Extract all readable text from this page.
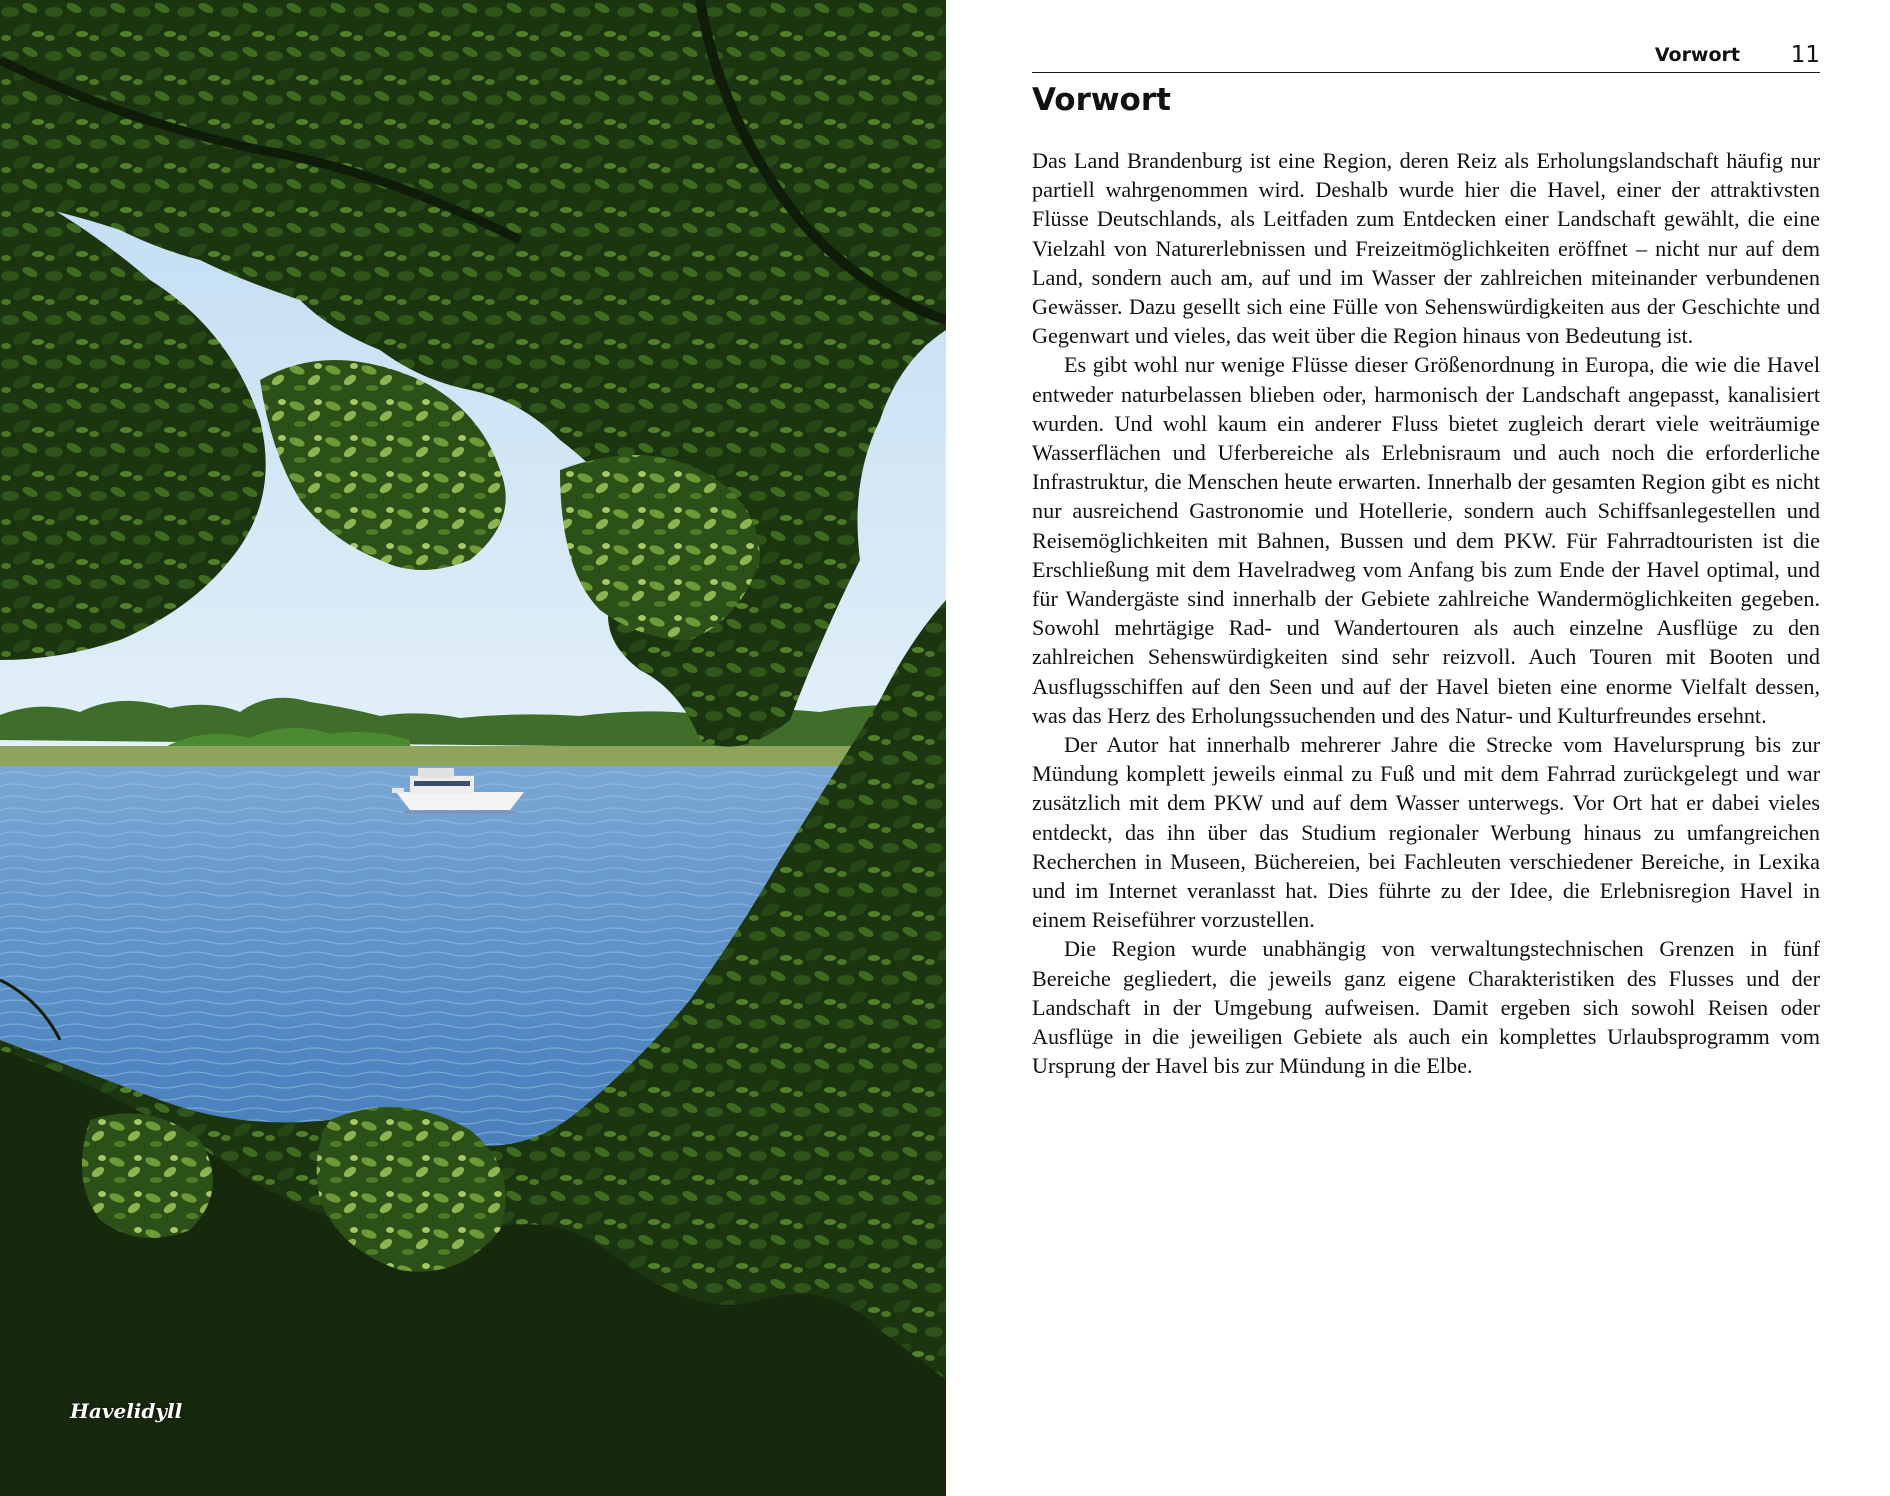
Havelidyll
Vorwort 11
Vorwort

Das Land Brandenburg ist eine Region, deren Reiz als Erholungslandschaft häufig nur partiell wahrgenommen wird. Deshalb wurde hier die Havel, einer der attraktivsten Flüsse Deutschlands, als Leitfaden zum Entdecken einer Landschaft gewählt, die eine Vielzahl von Naturerlebnissen und Freizeitmöglichkeiten eröffnet – nicht nur auf dem Land, sondern auch am, auf und im Wasser der zahlreichen miteinander verbundenen Gewässer. Dazu gesellt sich eine Fülle von Sehenswürdigkeiten aus der Geschichte und Gegenwart und vieles, das weit über die Region hinaus von Bedeutung ist.

Es gibt wohl nur wenige Flüsse dieser Größenordnung in Europa, die wie die Havel entweder naturbelassen blieben oder, harmonisch der Landschaft angepasst, kanalisiert wurden. Und wohl kaum ein anderer Fluss bietet zugleich derart viele weiträumige Wasserflächen und Uferbereiche als Erlebnisraum und auch noch die erforderliche Infrastruktur, die Menschen heute erwarten. Innerhalb der gesamten Region gibt es nicht nur ausreichend Gastronomie und Hotellerie, sondern auch Schiffsanlegestellen und Reisemöglichkeiten mit Bahnen, Bussen und dem PKW. Für Fahrradtouristen ist die Erschließung mit dem Havelradweg vom Anfang bis zum Ende der Havel optimal, und für Wandergäste sind innerhalb der Gebiete zahlreiche Wandermöglichkeiten gegeben. Sowohl mehrtägige Rad- und Wandertouren als auch einzelne Ausflüge zu den zahlreichen Sehenswürdigkeiten sind sehr reizvoll. Auch Touren mit Booten und Ausflugsschiffen auf den Seen und auf der Havel bieten eine enorme Vielfalt dessen, was das Herz des Erholungssuchenden und des Natur- und Kulturfreundes ersehnt.

Der Autor hat innerhalb mehrerer Jahre die Strecke vom Havelursprung bis zur Mündung komplett jeweils einmal zu Fuß und mit dem Fahrrad zurückgelegt und war zusätzlich mit dem PKW und auf dem Wasser unterwegs. Vor Ort hat er dabei vieles entdeckt, das ihn über das Studium regionaler Werbung hinaus zu umfangreichen Recherchen in Museen, Büchereien, bei Fachleuten verschiedener Bereiche, in Lexika und im Internet veranlasst hat. Dies führte zu der Idee, die Erlebnisregion Havel in einem Reiseführer vorzustellen.

Die Region wurde unabhängig von verwaltungstechnischen Grenzen in fünf Bereiche gegliedert, die jeweils ganz eigene Charakteristiken des Flusses und der Landschaft in der Umgebung aufweisen. Damit ergeben sich sowohl Reisen oder Ausflüge in die jeweiligen Gebiete als auch ein komplettes Urlaubsprogramm vom Ursprung der Havel bis zur Mündung in die Elbe.
